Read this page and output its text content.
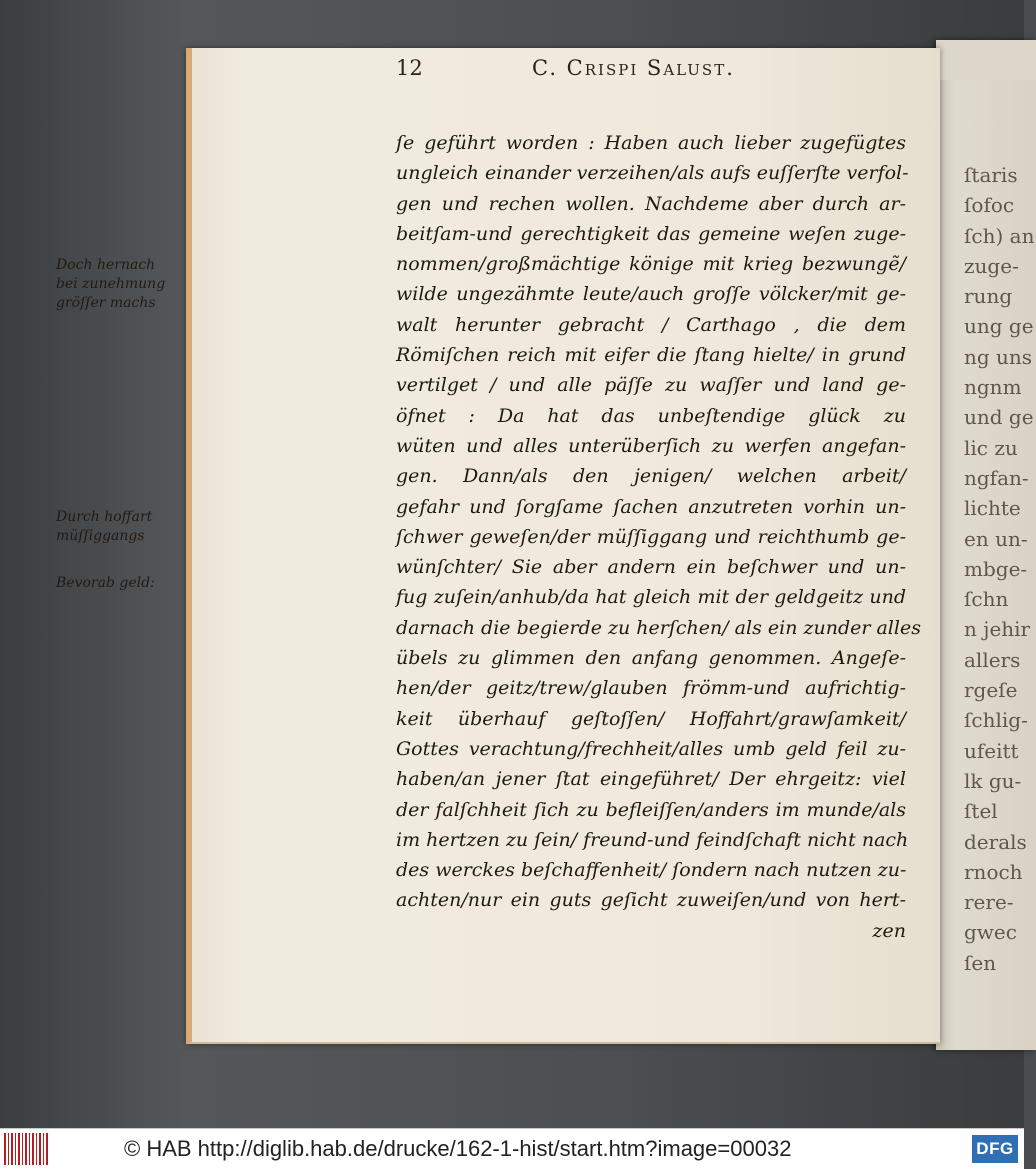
ſtaris
ſofoc
ſch) an
zuge-
rung
ung ge
ng uns
ngnm
und ge
lic zu
ngfan-
lichte
en un-
mbge-
ſchn
n jehir
allers
rgeſe
ſchlig-
ufeitt
lk gu-
ſtel
derals
rnoch
rere-
gwec
ſen
12	C. Crispi Salust.
ſe geführt worden : Haben auch lieber zugefügtes
ungleich einander verzeihen/als aufs euſſerſte verfol-
gen und rechen wollen. Nachdeme aber durch ar-
beitſam-und gerechtigkeit das gemeine weſen zuge-
nommen/großmächtige könige mit krieg bezwungẽ/
wilde ungezähmte leute/auch groſſe völcker/mit ge-
walt herunter gebracht / Carthago , die dem
Römiſchen reich mit eifer die ſtang hielte/ in grund
vertilget / und alle päſſe zu waſſer und land ge-
öfnet : Da hat das unbeſtendige glück zu
wüten und alles unterüberſich zu werfen angefan-
gen. Dann/als den jenigen/ welchen arbeit/
gefahr und ſorgſame ſachen anzutreten vorhin un-
ſchwer geweſen/der müſſiggang und reichthumb ge-
wünſchter/ Sie aber andern ein beſchwer und un-
fug zuſein/anhub/da hat gleich mit der geldgeitz und
darnach die begierde zu herſchen/ als ein zunder alles
übels zu glimmen den anfang genommen. Angeſe-
hen/der geitz/trew/glauben frömm-und aufrichtig-
keit überhauf geſtoſſen/ Hoffahrt/grawſamkeit/
Gottes verachtung/frechheit/alles umb geld feil zu-
haben/an jener ſtat eingeführet/ Der ehrgeitz: viel
der falſchheit ſich zu befleiſſen/anders im munde/als
im hertzen zu ſein/ freund-und feindſchaft nicht nach
des werckes beſchaffenheit/ ſondern nach nutzen zu-
achten/nur ein guts geſicht zuweiſen/und von hert-
zen
Doch hernach
bei zunehmung
gröſſer machs
Durch hoffart
müſſiggangs
Bevorab geld:
© HAB http://diglib.hab.de/drucke/162-1-hist/start.htm?image=00032	DFG
